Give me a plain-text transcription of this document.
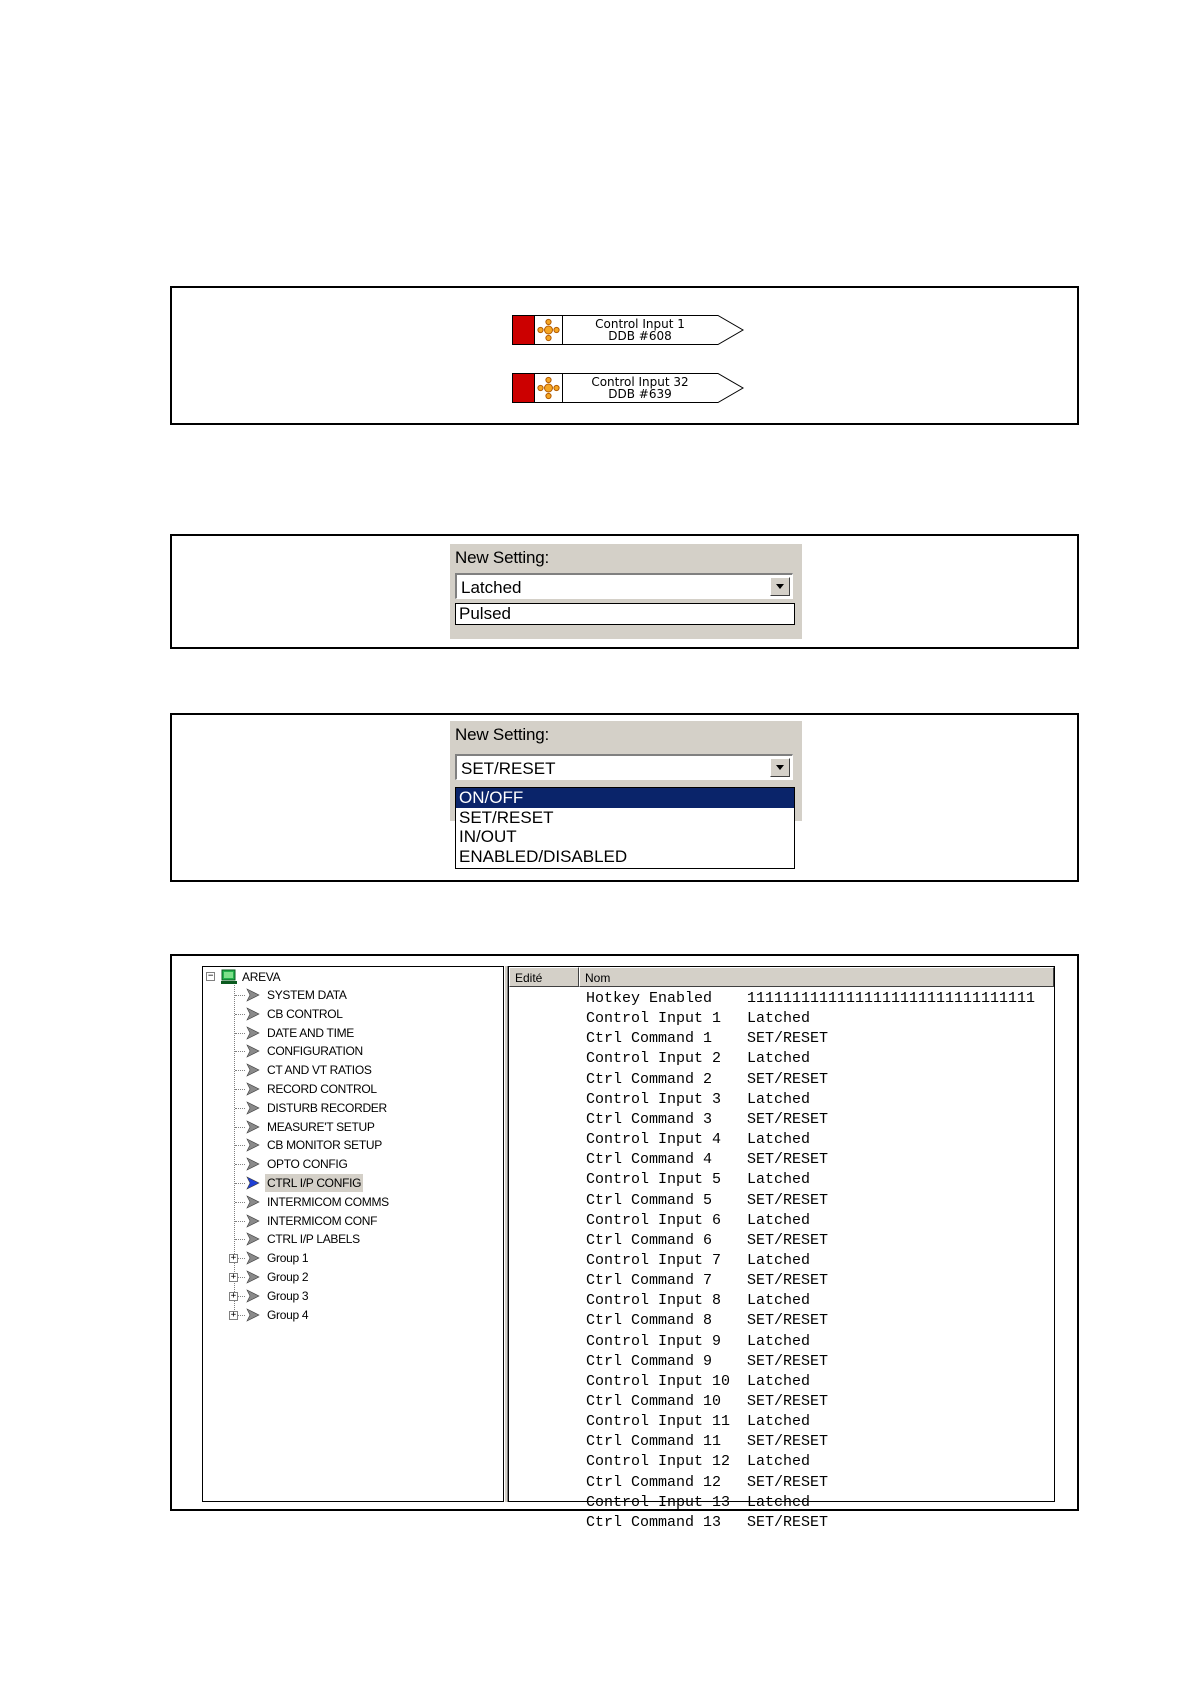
Control Input 1
DDB #608
Control Input 32
DDB #639
New Setting:
Latched
Pulsed
New Setting:
SET/RESET
ON/OFF
SET/RESET
IN/OUT
ENABLED/DISABLED
− AREVA
SYSTEM DATA
CB CONTROL
DATE AND TIME
CONFIGURATION
CT AND VT RATIOS
RECORD CONTROL
DISTURB RECORDER
MEASURE'T SETUP
CB MONITOR SETUP
OPTO CONFIG
CTRL I/P CONFIG
INTERMICOM COMMS
INTERMICOM CONF
CTRL I/P LABELS
+	Group 1
+	Group 2
+	Group 3
+	Group 4
Edité	Nom
Hotkey Enabled 11111111111111111111111111111111
Control Input 1 Latched
Ctrl Command 1 SET/RESET
Control Input 2 Latched
Ctrl Command 2 SET/RESET
Control Input 3 Latched
Ctrl Command 3 SET/RESET
Control Input 4 Latched
Ctrl Command 4 SET/RESET
Control Input 5 Latched
Ctrl Command 5 SET/RESET
Control Input 6 Latched
Ctrl Command 6 SET/RESET
Control Input 7 Latched
Ctrl Command 7 SET/RESET
Control Input 8 Latched
Ctrl Command 8 SET/RESET
Control Input 9 Latched
Ctrl Command 9 SET/RESET
Control Input 10 Latched
Ctrl Command 10 SET/RESET
Control Input 11 Latched
Ctrl Command 11 SET/RESET
Control Input 12 Latched
Ctrl Command 12 SET/RESET
Control Input 13 Latched
Ctrl Command 13 SET/RESET
